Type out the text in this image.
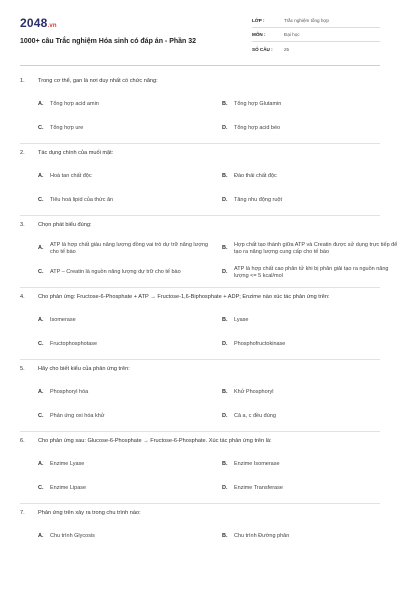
2048.vn
1000+ câu Trắc nghiệm Hóa sinh có đáp án - Phần 32
LỚP :	Trắc nghiệm tổng hợp
MÔN :	Đại học
SỐ CÂU :	25
1.	Trong cơ thể, gan là nơi duy nhất có chức năng:
A.	Tổng hợp acid amin	B.	Tổng hợp Glutamin
C.	Tổng hợp ure	D.	Tổng hợp acid béo
2.	Tác dụng chính của muối mật:
A.	Hoà tan chất độc	B.	Đào thải chất độc
C.	Tiêu hoá lipid của thức ăn	D.	Tăng nhu động ruột
3.	Chọn phát biểu đúng:
A.
ATP là hợp chất giàu năng lượng đồng vai trò dự trữ năng lượng cho tế bào
B.
Hợp chất tạo thành giữa ATP và Creatin được sử dụng trực tiếp để tạo ra năng lượng cung cấp cho tế bào
C.	ATP – Creatin là nguồn năng lượng dự trữ cho tế bào	D.
ATP là hợp chất cao phân tử khi bị phân giải tạo ra nguồn năng lượng <= 5 kcal/mol
4.	Cho phản ứng: Fructose-6-Phosphate + ATP → Fructose-1,6-Biphosphate + ADP; Enzime nào xúc tác phản ứng trên:
A.	Isomerase	B.	Lyase
C.	Fructophosphotase	D.	Phosphofructokinase
5.	Hãy cho biết kiểu của phản ứng trên:
A.	Phosphoryl hóa	B.	Khử Phosphoryl
C.	Phản ứng oxi hóa khử	D.	Cả a, c đều đúng
6.	Cho phản ứng sau: Glucose-6-Phosphate → Fructose-6-Phosphate. Xúc tác phản ứng trên là:
A.	Enzime Lyase	B.	Enzime Isomerase
C.	Enzime Lipase	D.	Enzime Transferase
7.	Phản ứng trên xảy ra trong chu trình nào:
A.	Chu trình Glycosis	B.	Chu trình Đường phân
